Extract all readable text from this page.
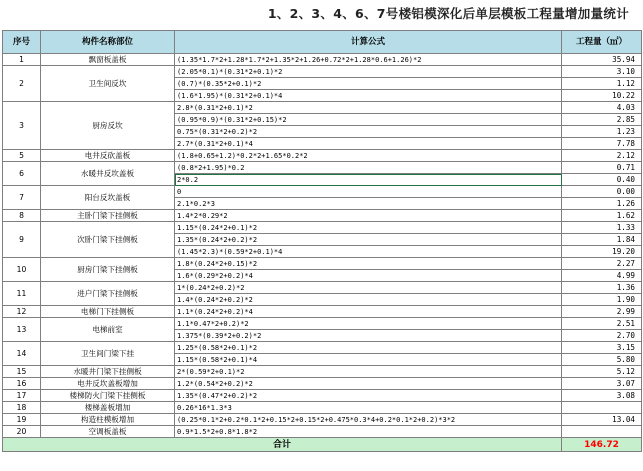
1、2、3、4、6、7号楼铝模深化后单层模板工程量增加量统计
序号	构件名称部位	计算公式	工程量（㎡）
1	飘窗板盖板	(1.35*1.7*2+1.28*1.7*2+1.35*2+1.26+0.72*2+1.28*0.6+1.26)*2	35.94
2	卫生间反坎	(2.05*0.1)*(0.31*2+0.1)*2	3.10
		(0.7)*(0.35*2+0.1)*2	1.12
		(1.6*1.95)*(0.31*2+0.1)*4	10.22
3	厨房反坎	2.8*(0.31*2+0.1)*2	4.03
		(0.95*0.9)*(0.31*2+0.15)*2	2.85
		0.75*(0.31*2+0.2)*2	1.23
		2.7*(0.31*2+0.1)*4	7.78
5	电井反砍盖板	(1.8+0.65+1.2)*0.2*2+1.65*0.2*2	2.12
6	水暖井反坎盖板	(0.8*2+1.95)*0.2	0.71
		2*0.2	0.40
7	阳台反坎盖板	0	0.00
		2.1*0.2*3	1.26
8	主卧门梁下挂侧板	1.4*2*0.29*2	1.62
9	次卧门梁下挂侧板	1.15*(0.24*2+0.1)*2	1.33
		1.35*(0.24*2+0.2)*2	1.84
		(1.45*2.3)*(0.59*2+0.1)*4	19.20
10	厨房门梁下挂侧板	1.8*(0.24*2+0.15)*2	2.27
		1.6*(0.29*2+0.2)*4	4.99
11	进户门梁下挂侧板	1*(0.24*2+0.2)*2	1.36
		1.4*(0.24*2+0.2)*2	1.90
12	电梯门下挂侧板	1.1*(0.24*2+0.2)*4	2.99
13	电梯前室	1.1*0.47*2+0.2)*2	2.51
		1.375*(0.39*2+0.2)*2	2.70
14	卫生间门梁下挂	1.25*(0.58*2+0.1)*2	3.15
		1.15*(0.58*2+0.1)*4	5.80
15	水暖井门梁下挂侧板	2*(0.59*2+0.1)*2	5.12
16	电井反坎盖板增加	1.2*(0.54*2+0.2)*2	3.07
17	楼梯防火门梁下挂侧板	1.35*(0.47*2+0.2)*2	3.08
18	楼梯盖板增加	0.26*16*1.3*3	
19	构造柱模板增加	(0.25*0.1*2+0.2*0.1*2+0.15*2+0.15*2+0.475*0.3*4+0.2*0.1*2+0.2)*3*2	13.04
20	空调板盖板	0.9*1.5*2+0.8*1.8*2	
合计			146.72
